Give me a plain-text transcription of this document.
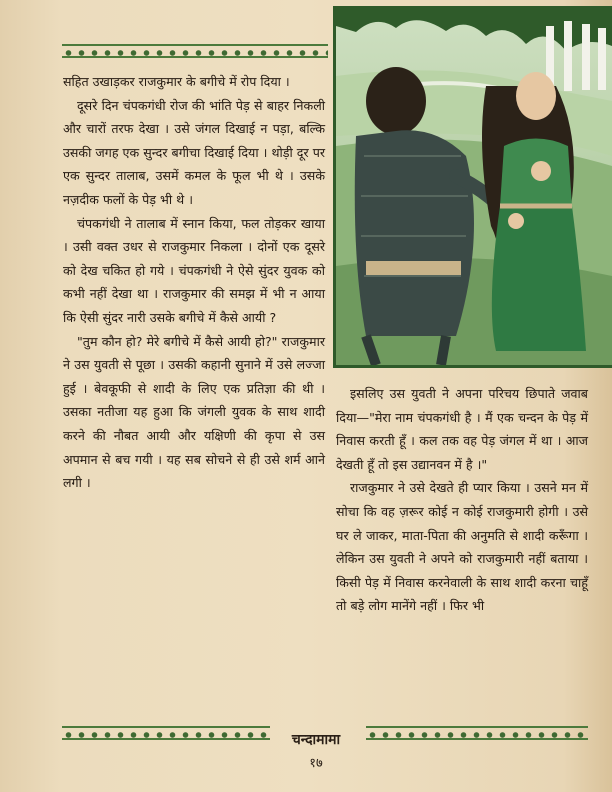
सहित उखाड़कर राजकुमार के बगीचे में रोप दिया ।

दूसरे दिन चंपकगंधी रोज की भांति पेड़ से बाहर निकली और चारों तरफ देखा । उसे जंगल दिखाई न पड़ा, बल्कि उसकी जगह एक सुन्दर बगीचा दिखाई दिया । थोड़ी दूर पर एक सुन्दर तालाब, उसमें कमल के फूल भी थे । उसके नज़दीक फलों के पेड़ भी थे ।

चंपकगंधी ने तालाब में स्नान किया, फल तोड़कर खाया । उसी वक्त उधर से राजकुमार निकला । दोनों एक दूसरे को देख चकित हो गये । चंपकगंधी ने ऐसे सुंदर युवक को कभी नहीं देखा था । राजकुमार की समझ में भी न आया कि ऐसी सुंदर नारी उसके बगीचे में कैसे आयी ?

"तुम कौन हो? मेरे बगीचे में कैसे आयी हो?" राजकुमार ने उस युवती से पूछा । उसकी कहानी सुनाने में उसे लज्जा हुई । बेवकूफी से शादी के लिए एक प्रतिज्ञा की थी । उसका नतीजा यह हुआ कि जंगली युवक के साथ शादी करने की नौबत आयी और यक्षिणी की कृपा से उस अपमान से बच गयी । यह सब सोचने से ही उसे शर्म आने लगी ।

इसलिए उस युवती ने अपना परिचय छिपाते जवाब दिया—"मेरा नाम चंपकगंधी है । मैं एक चन्दन के पेड़ में निवास करती हूँ । कल तक वह पेड़ जंगल में था । आज देखती हूँ तो इस उद्यानवन में है ।"

राजकुमार ने उसे देखते ही प्यार किया । उसने मन में सोचा कि वह ज़रूर कोई न कोई राजकुमारी होगी । उसे घर ले जाकर, माता-पिता की अनुमति से शादी करूँगा । लेकिन उस युवती ने अपने को राजकुमारी नहीं बताया । किसी पेड़ में निवास करनेवाली के साथ शादी करना चाहूँ तो बड़े लोग मानेंगे नहीं । फिर भी

चन्दामामा
१७
